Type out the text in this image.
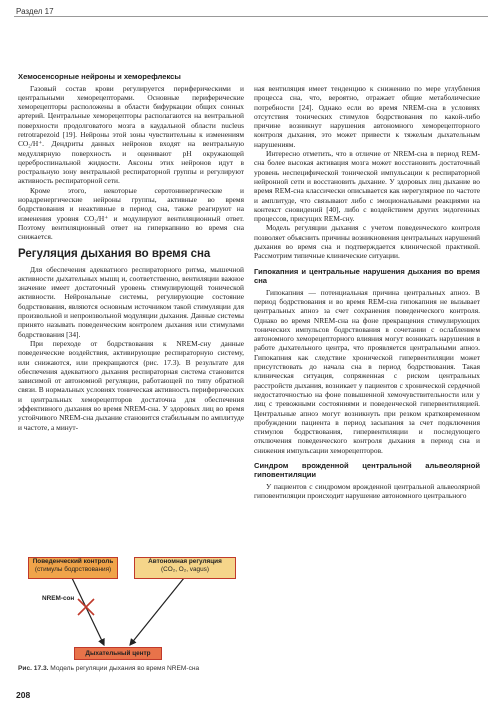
Раздел 17
Хемосенсорные нейроны и хеморефлексы

Газовый состав крови регулируется периферическими и центральными хеморецепторами. Основные периферические хеморецепторы расположены в области бифуркации общих сонных артерий. Центральные хеморецепторы располагаются на вентральной поверхности продолговатого мозга в каудальной области nucleus retrotrapezoid [19]. Нейроны этой зоны чувствительны к изменениям CO₂/H⁺. Дендриты данных нейронов входят на вентральную медуллярную поверхность и оценивают pH окружающей цереброспинальной жидкости. Аксоны этих нейронов идут в ростральную зону вентральной респираторной группы и регулируют активность респираторной сети.

Кроме этого, некоторые серотонинергические и норадренергические нейроны группы, активные во время бодрствования и неактивные в период сна, также реагируют на изменения уровня CO₂/H⁺ и модулируют вентиляционный ответ. Поэтому вентиляционный ответ на гиперкапнию во время сна снижается.

Регуляция дыхания во время сна

Для обеспечения адекватного респираторного ритма, мышечной активности дыхательных мышц и, соответственно, вентиляции важное значение имеет достаточный уровень стимулирующей тонической активности. Нейрональные системы, регулирующие состояние бодрствования, являются основным источником такой стимуляции для произвольной и непроизвольной модуляции дыхания. Данные системы принято называть поведенческим контролем дыхания или стимулами бодрствования [34].

При переходе от бодрствования к NREM-сну данные поведенческие воздействия, активирующие респираторную систему, или снижаются, или прекращаются (рис. 17.3). В результате для обеспечения адекватного дыхания респираторная система становится зависимой от автономной регуляции, работающей по типу обратной связи. В нормальных условиях тоническая активность периферических и центральных хеморецепторов достаточна для обеспечения эффективного дыхания во время NREM-сна. У здоровых лиц во время устойчивого NREM-сна дыхание становится стабильным по амплитуде и частоте, а минут-

Поведенческий контроль
(стимулы бодрствования)
Автономная регуляция
(CO₂, O₂, vagus)
NREM-сон
Дыхательный центр
Рис. 17.3. Модель регуляции дыхания во время NREM-сна

ная вентиляция имеет тенденцию к снижению по мере углубления процесса сна, что, вероятно, отражает общие метаболические потребности [24]. Однако если во время NREM-сна в условиях отсутствия тонических стимулов бодрствования по какой-либо причине возникнут нарушения автономного хеморецепторного контроля дыхания, это может привести к тяжелым дыхательным нарушениям.

Интересно отметить, что в отличие от NREM-сна в период REM-сна более высокая активация мозга может восстановить достаточный уровень неспецифической тонической импульсации к респираторной нейронной сети и восстановить дыхание. У здоровых лиц дыхание во время REM-сна классически описывается как нерегулярное по частоте и амплитуде, что связывают либо с эмоциональными реакциями на контекст сновидений [40], либо с воздействием других эндогенных процессов, присущих REM-сну.

Модель регуляции дыхания с учетом поведенческого контроля позволяет объяснить причины возникновения центральных нарушений дыхания во время сна и подтверждается клинической практикой. Рассмотрим типичные клинические ситуации.

Гипокапния и центральные нарушения дыхания во время сна

Гипокапния — потенциальная причина центральных апноэ. В период бодрствования и во время REM-сна гипокапния не вызывает центральных апноэ за счет сохранения поведенческого контроля. Однако во время NREM-сна на фоне прекращения стимулирующих тонических импульсов бодрствования в сочетании с ослаблением автономного хеморецепторного влияния могут возникать нарушения в работе дыхательного центра, что проявляется центральными апноэ. Гипокапния как следствие хронической гипервентиляции может присутствовать до начала сна в период бодрствования. Такая клиническая ситуация, сопряженная с риском центральных расстройств дыхания, возникает у пациентов с хронической сердечной недостаточностью на фоне повышенной хемочувствительности или у лиц с тревожными состояниями и поведенческой гипервентиляцией. Центральные апноэ могут возникнуть при резком кратковременном пробуждении пациента в период засыпания за счет подключения стимулов бодрствования, гипервентиляции и последующего отключения поведенческого контроля дыхания в период сна и снижения импульсации хеморецепторов.

Синдром врожденной центральной альвеолярной гиповентиляции

У пациентов с синдромом врожденной центральной альвеолярной гиповентиляции происходит нарушение автономного центрального

208
